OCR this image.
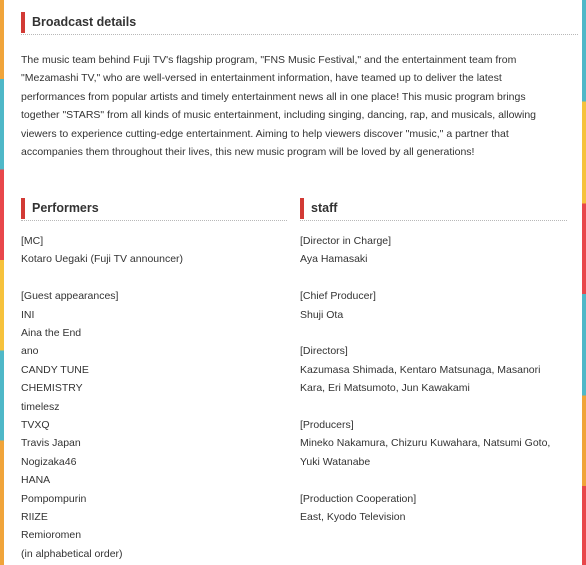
Broadcast details
The music team behind Fuji TV's flagship program, "FNS Music Festival," and the entertainment team from "Mezamashi TV," who are well-versed in entertainment information, have teamed up to deliver the latest performances from popular artists and timely entertainment news all in one place! This music program brings together "STARS" from all kinds of music entertainment, including singing, dancing, rap, and musicals, allowing viewers to experience cutting-edge entertainment. Aiming to help viewers discover "music," a partner that accompanies them throughout their lives, this new music program will be loved by all generations!
Performers
[MC]
Kotaro Uegaki (Fuji TV announcer)
[Guest appearances]
INI
Aina the End
ano
CANDY TUNE
CHEMISTRY
timelesz
TVXQ
Travis Japan
Nogizaka46
HANA
Pompompurin
RIIZE
Remioromen
(in alphabetical order)
staff
[Director in Charge]
Aya Hamasaki
[Chief Producer]
Shuji Ota
[Directors]
Kazumasa Shimada, Kentaro Matsunaga, Masanori
Kara, Eri Matsumoto, Jun Kawakami
[Producers]
Mineko Nakamura, Chizuru Kuwahara, Natsumi Goto,
Yuki Watanabe
[Production Cooperation]
East, Kyodo Television
